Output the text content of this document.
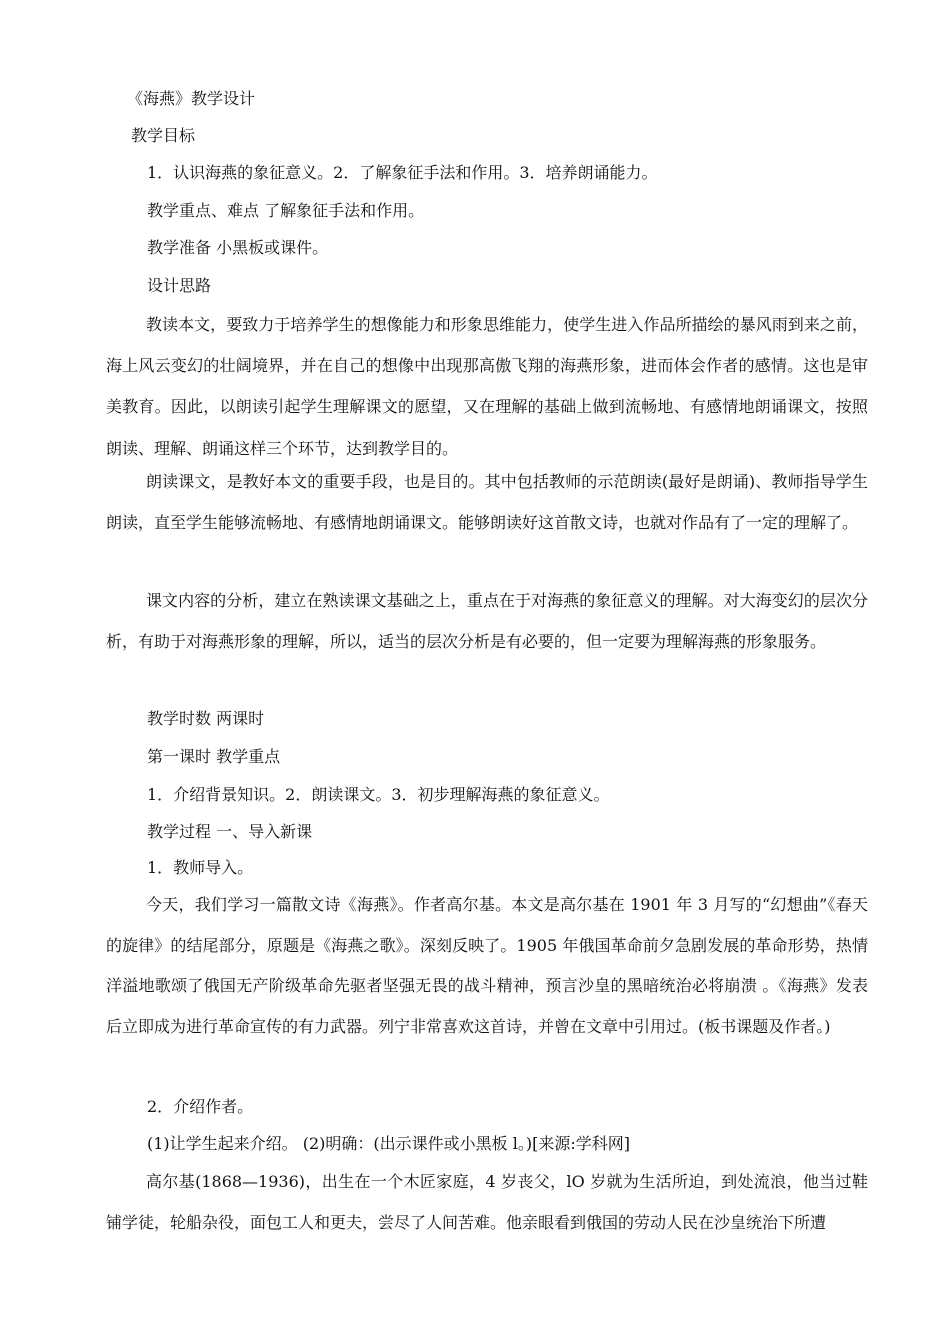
《海燕》教学设计
教学目标
1．认识海燕的象征意义。2．了解象征手法和作用。3．培养朗诵能力。
教学重点、难点 了解象征手法和作用。
教学准备 小黑板或课件。
设计思路

教读本文，要致力于培养学生的想像能力和形象思维能力，使学生进入作品所描绘的暴风雨到来之前，海上风云变幻的壮阔境界，并在自己的想像中出现那高傲飞翔的海燕形象，进而体会作者的感情。这也是审美教育。因此，以朗读引起学生理解课文的愿望，又在理解的基础上做到流畅地、有感情地朗诵课文，按照朗读、理解、朗诵这样三个环节，达到教学目的。

朗读课文，是教好本文的重要手段，也是目的。其中包括教师的示范朗读(最好是朗诵)、教师指导学生朗读，直至学生能够流畅地、有感情地朗诵课文。能够朗读好这首散文诗，也就对作品有了一定的理解了。

课文内容的分析，建立在熟读课文基础之上，重点在于对海燕的象征意义的理解。对大海变幻的层次分析，有助于对海燕形象的理解，所以，适当的层次分析是有必要的，但一定要为理解海燕的形象服务。

教学时数 两课时
第一课时 教学重点
1．介绍背景知识。2．朗读课文。3．初步理解海燕的象征意义。
教学过程 一、导入新课
1．教师导入。

今天，我们学习一篇散文诗《海燕》。作者高尔基。本文是高尔基在 1901 年 3 月写的“幻想曲”《春天的旋律》的结尾部分，原题是《海燕之歌》。深刻反映了。1905 年俄国革命前夕急剧发展的革命形势，热情洋溢地歌颂了俄国无产阶级革命先驱者坚强无畏的战斗精神，预言沙皇的黑暗统治必将崩溃 。《海燕》发表后立即成为进行革命宣传的有力武器。列宁非常喜欢这首诗，并曾在文章中引用过。(板书课题及作者。)

2．介绍作者。
(1)让学生起来介绍。 (2)明确：(出示课件或小黑板 l。)[来源:学科网]

高尔基(1868—1936)，出生在一个木匠家庭，4 岁丧父，lO 岁就为生活所迫，到处流浪，他当过鞋铺学徒，轮船杂役，面包工人和更夫，尝尽了人间苦难。他亲眼看到俄国的劳动人民在沙皇统治下所遭
